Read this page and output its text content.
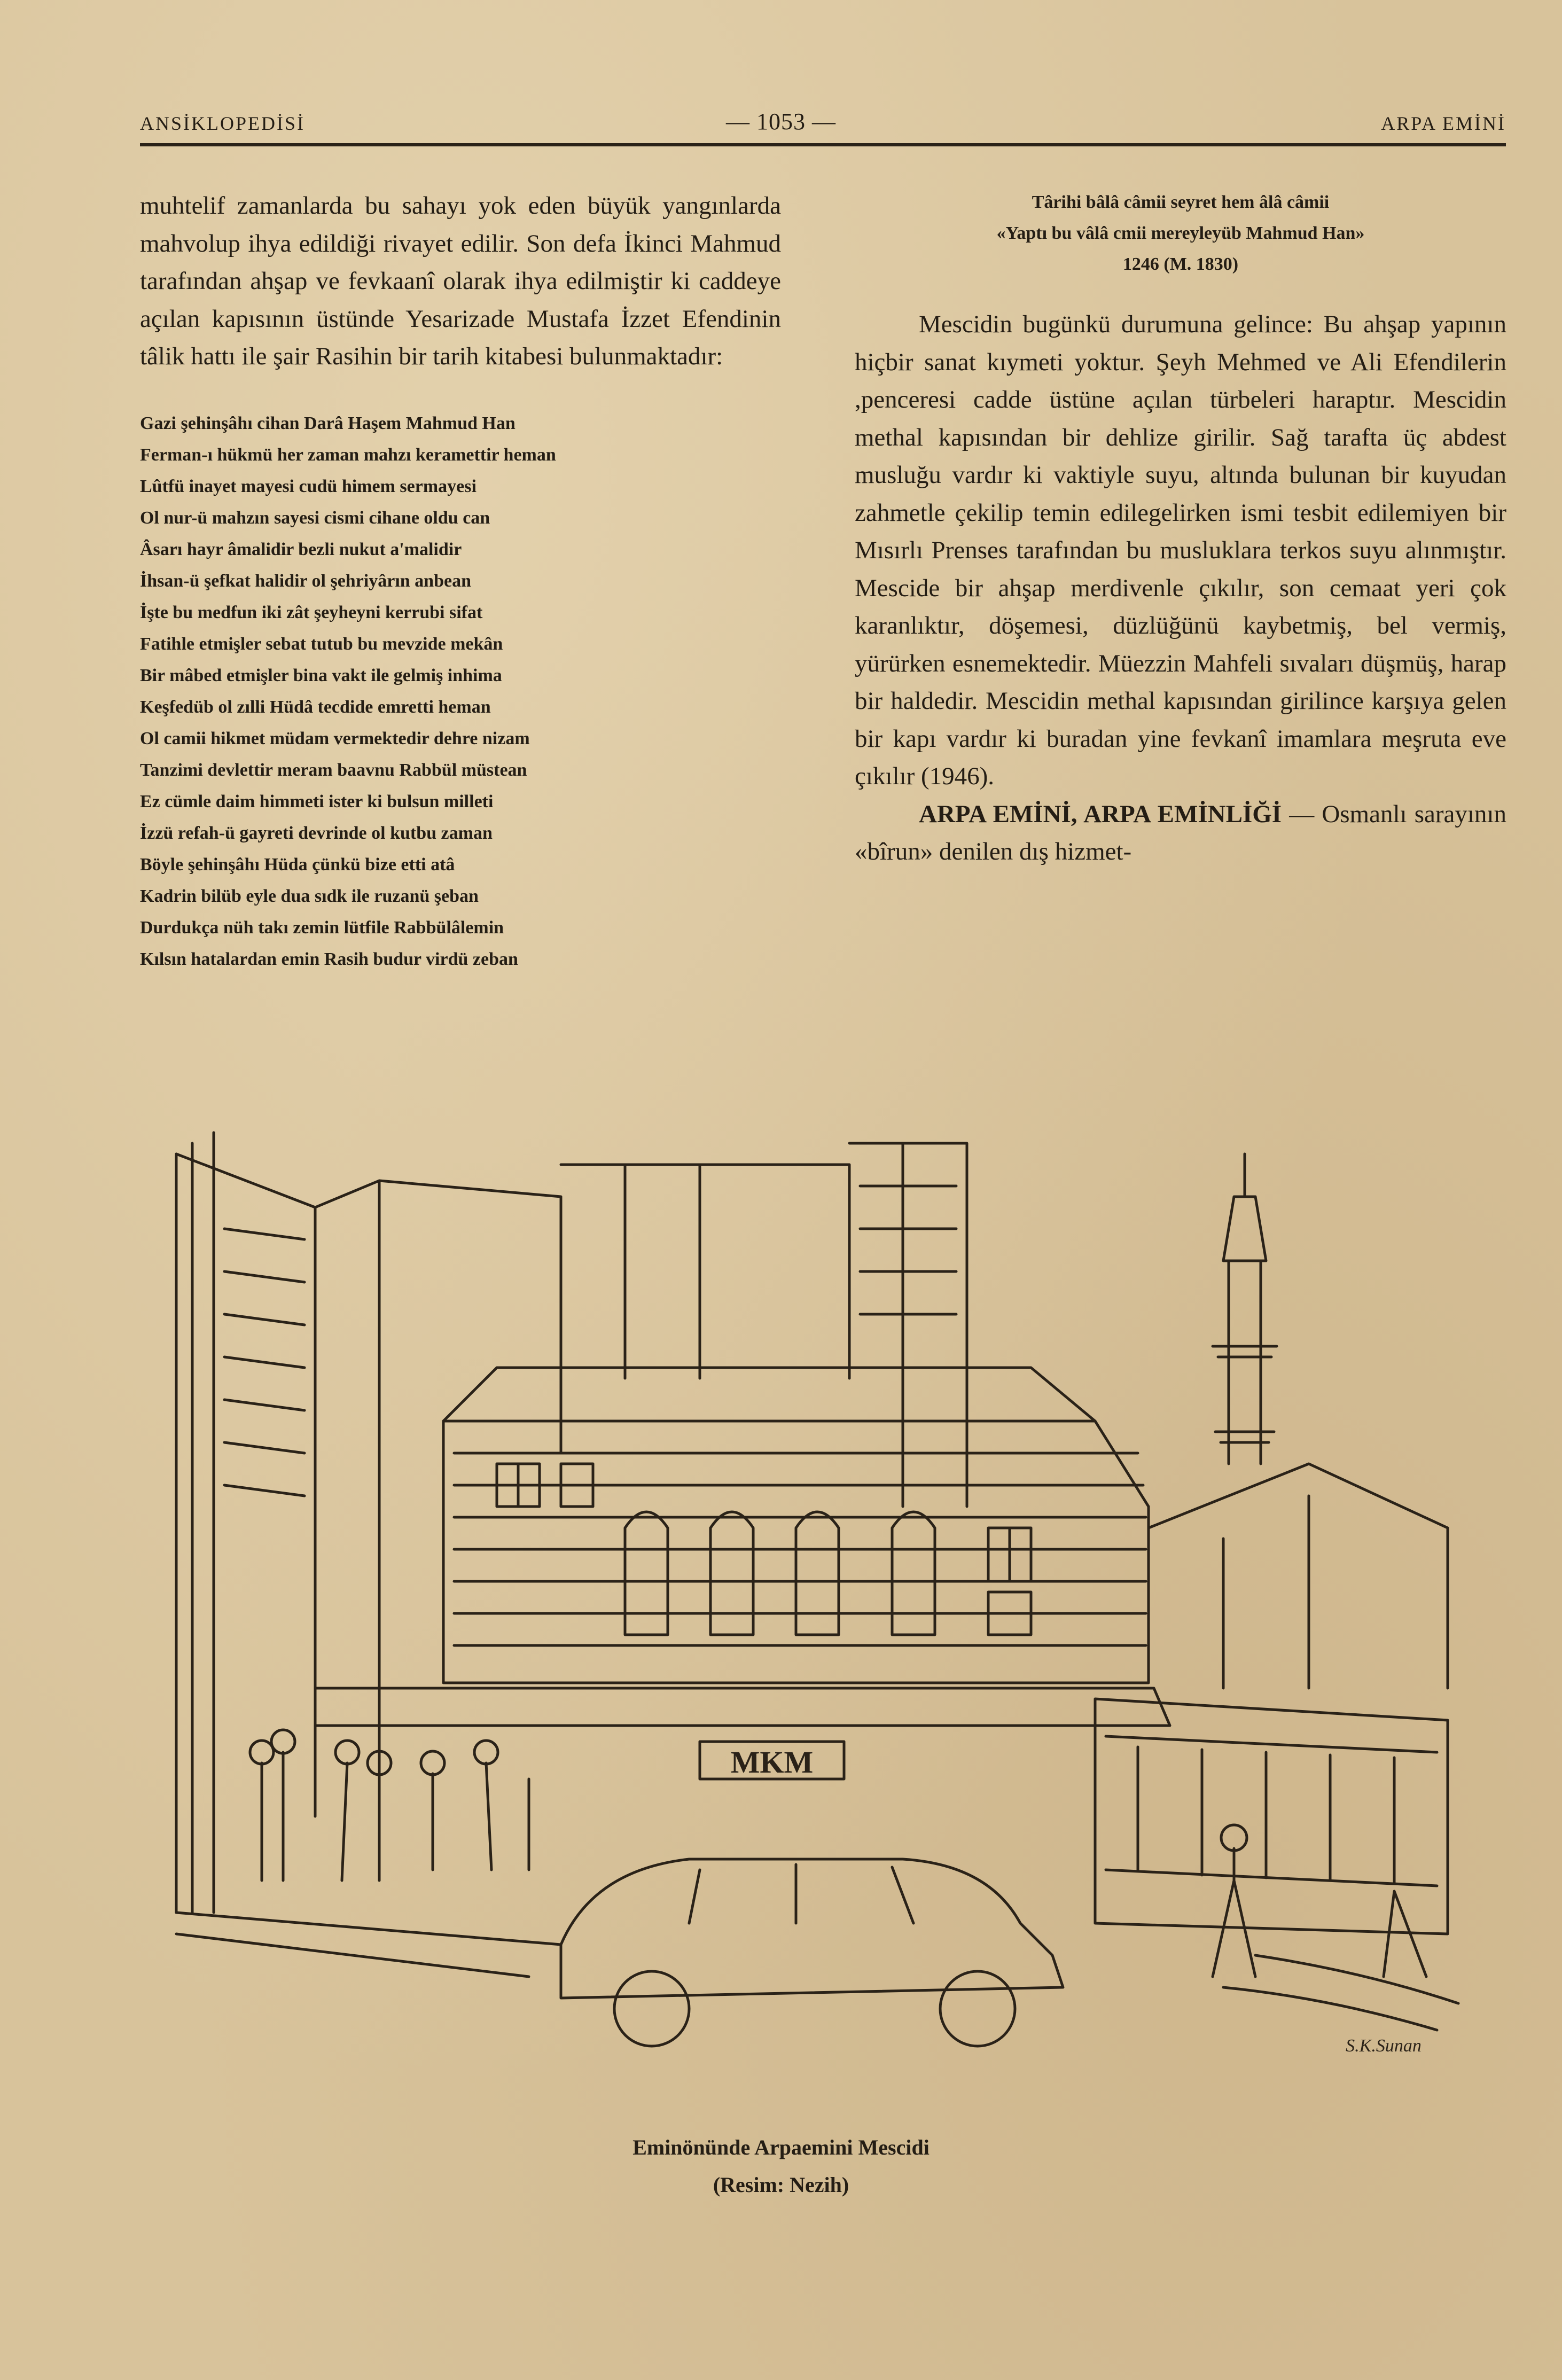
ANSİKLOPEDİSİ	— 1053 —	ARPA EMİNİ

muhtelif zamanlarda bu sahayı yok eden büyük yangınlarda mahvolup ihya edildiği rivayet edilir. Son defa İkinci Mahmud tarafından ahşap ve fevkaanî olarak ihya edilmiştir ki caddeye açılan kapısının üstünde Yesarizade Mustafa İzzet Efendinin tâlik hattı ile şair Rasihin bir tarih kitabesi bulunmaktadır:

Gazi şehinşâhı cihan Darâ Haşem Mahmud Han
Ferman-ı hükmü her zaman mahzı keramettir heman
Lûtfü inayet mayesi cudü himem sermayesi
Ol nur-ü mahzın sayesi cismi cihane oldu can
Âsarı hayr âmalidir bezli nukut a'malidir
İhsan-ü şefkat halidir ol şehriyârın anbean
İşte bu medfun iki zât şeyheyni kerrubi sifat
Fatihle etmişler sebat tutub bu mevzide mekân
Bir mâbed etmişler bina vakt ile gelmiş inhima
Keşfedüb ol zılli Hüdâ tecdide emretti heman
Ol camii hikmet müdam vermektedir dehre nizam
Tanzimi devlettir meram baavnu Rabbül müstean
Ez cümle daim himmeti ister ki bulsun milleti
İzzü refah-ü gayreti devrinde ol kutbu zaman
Böyle şehinşâhı Hüda çünkü bize etti atâ
Kadrin bilüb eyle dua sıdk ile ruzanü şeban
Durdukça nüh takı zemin lütfile Rabbülâlemin
Kılsın hatalardan emin Rasih budur virdü zeban
Târihi bâlâ câmii seyret hem âlâ câmii
«Yaptı bu vâlâ cmii mereyleyüb Mahmud Han»
1246 (M. 1830)

Mescidin bugünkü durumuna gelince: Bu ahşap yapının hiçbir sanat kıymeti yoktur. Şeyh Mehmed ve Ali Efendilerin ,penceresi cadde üstüne açılan türbeleri haraptır. Mescidin methal kapısından bir dehlize girilir. Sağ tarafta üç abdest musluğu vardır ki vaktiyle suyu, altında bulunan bir kuyudan zahmetle çekilip temin edilegelirken ismi tesbit edilemiyen bir Mısırlı Prenses tarafından bu musluklara terkos suyu alınmıştır. Mescide bir ahşap merdivenle çıkılır, son cemaat yeri çok karanlıktır, döşemesi, düzlüğünü kaybetmiş, bel vermiş, yürürken esnemektedir. Müezzin Mahfeli sıvaları düşmüş, harap bir haldedir. Mescidin methal kapısından girilince karşıya gelen bir kapı vardır ki buradan yine fevkanî imamlara meşruta eve çıkılır (1946).

ARPA EMİNİ, ARPA EMİNLİĞİ — Osmanlı sarayının «bîrun» denilen dış hizmet-

MKM
S.K.Sunan
Eminönünde Arpaemini Mescidi
(Resim: Nezih)
